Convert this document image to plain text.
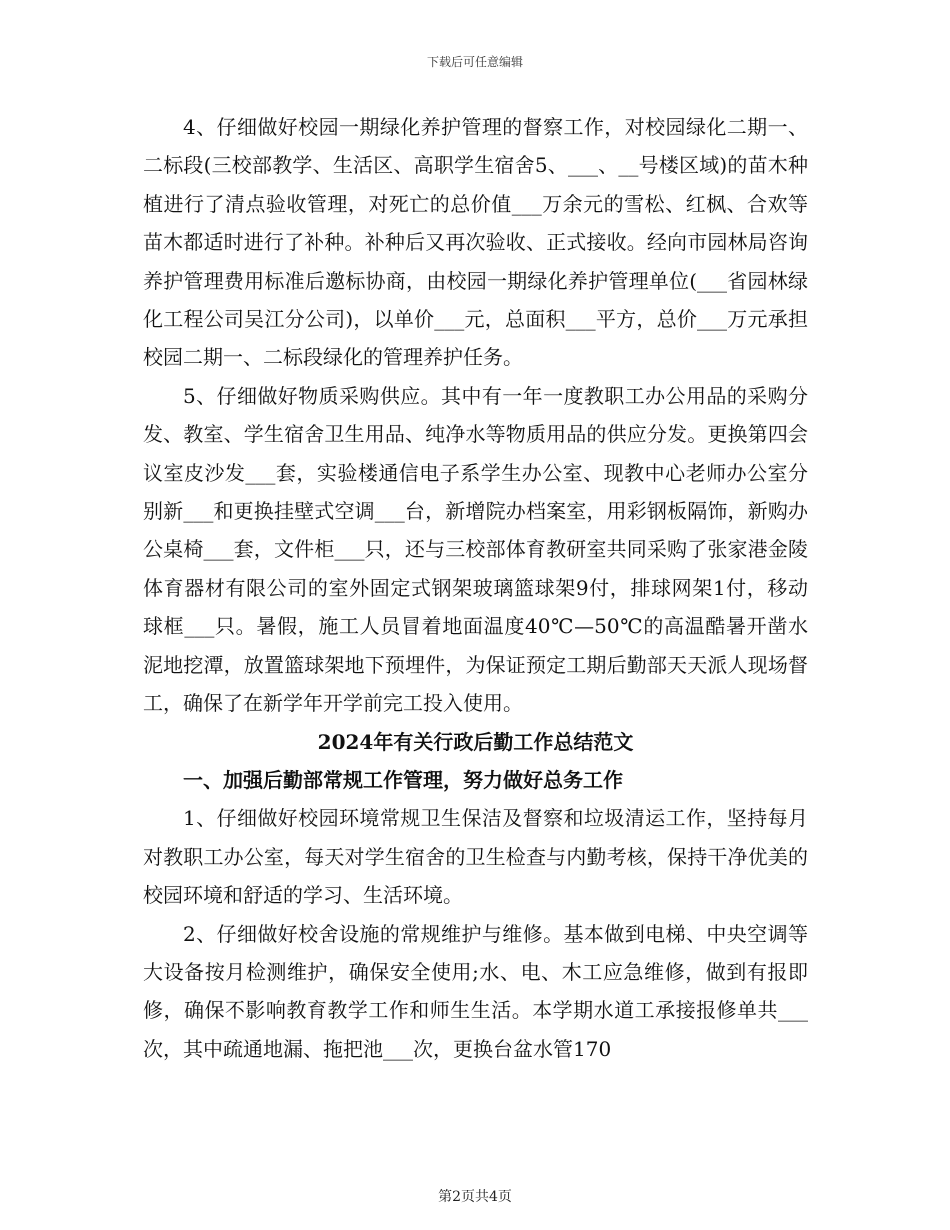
下载后可任意编辑

4、仔细做好校园一期绿化养护管理的督察工作，对校园绿化二期一、二标段(三校部教学、生活区、高职学生宿舍5、___、__号楼区域)的苗木种植进行了清点验收管理，对死亡的总价值___万余元的雪松、红枫、合欢等苗木都适时进行了补种。补种后又再次验收、正式接收。经向市园林局咨询养护管理费用标准后邀标协商，由校园一期绿化养护管理单位(___省园林绿化工程公司吴江分公司)，以单价___元，总面积___平方，总价___万元承担校园二期一、二标段绿化的管理养护任务。

5、仔细做好物质采购供应。其中有一年一度教职工办公用品的采购分发、教室、学生宿舍卫生用品、纯净水等物质用品的供应分发。更换第四会议室皮沙发___套，实验楼通信电子系学生办公室、现教中心老师办公室分别新___和更换挂壁式空调___台，新增院办档案室，用彩钢板隔饰，新购办公桌椅___套，文件柜___只，还与三校部体育教研室共同采购了张家港金陵体育器材有限公司的室外固定式钢架玻璃篮球架9付，排球网架1付，移动球框___只。暑假，施工人员冒着地面温度40℃—50℃的高温酷暑开凿水泥地挖潭，放置篮球架地下预埋件，为保证预定工期后勤部天天派人现场督工，确保了在新学年开学前完工投入使用。

2024年有关行政后勤工作总结范文

一、加强后勤部常规工作管理，努力做好总务工作

1、仔细做好校园环境常规卫生保洁及督察和垃圾清运工作，坚持每月对教职工办公室，每天对学生宿舍的卫生检查与内勤考核，保持干净优美的校园环境和舒适的学习、生活环境。

2、仔细做好校舍设施的常规维护与维修。基本做到电梯、中央空调等大设备按月检测维护，确保安全使用;水、电、木工应急维修，做到有报即修，确保不影响教育教学工作和师生生活。本学期水道工承接报修单共___次，其中疏通地漏、拖把池___次，更换台盆水管170

第2页共4页
